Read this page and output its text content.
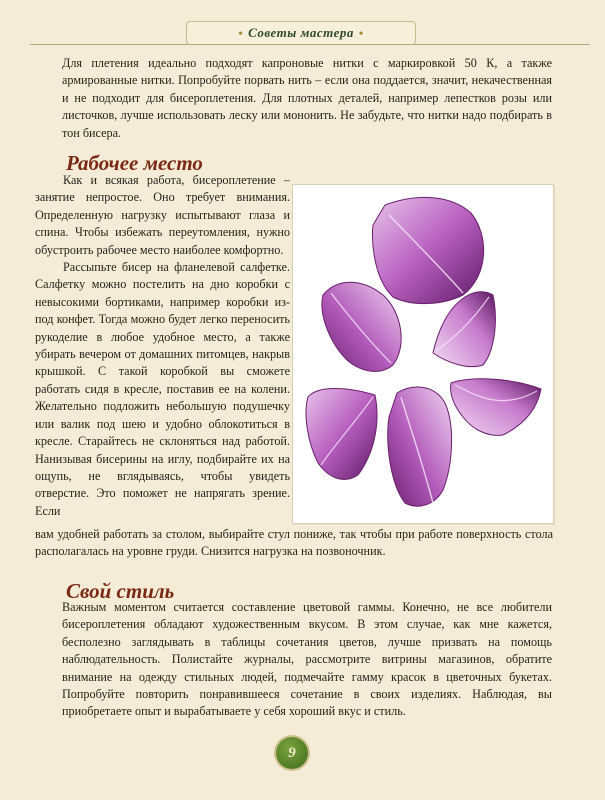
• Советы мастера •
Для плетения идеально подходят капроновые нитки с маркировкой 50 К, а также армированные нитки. Попробуйте порвать нить – если она поддается, значит, некачественная и не подходит для бисероплетения. Для плотных деталей, например лепестков розы или листочков, лучше использовать леску или мононить. Не забудьте, что нитки надо подбирать в тон бисера.
Рабочее место

Как и всякая работа, бисероплетение – занятие непростое. Оно требует внимания. Определенную нагрузку испытывают глаза и спина. Чтобы избежать переутомления, нужно обустроить рабочее место наиболее комфортно.

Рассыпьте бисер на фланелевой салфетке. Салфетку можно постелить на дно коробки с невысокими бортиками, например коробки из-под конфет. Тогда можно будет легко переносить рукоделие в любое удобное место, а также убирать вечером от домашних питомцев, накрыв крышкой. С такой коробкой вы сможете работать сидя в кресле, поставив ее на колени. Желательно подложить небольшую подушечку или валик под шею и удобно облокотиться в кресле. Старайтесь не склоняться над работой. Нанизывая бисерины на иглу, подбирайте их на ощупь, не вглядываясь, чтобы увидеть отверстие. Это поможет не напрягать зрение. Если

вам удобней работать за столом, выбирайте стул пониже, так чтобы при работе поверхность стола располагалась на уровне груди. Снизится нагрузка на позвоночник.

Свой стиль

Важным моментом считается составление цветовой гаммы. Конечно, не все любители бисероплетения обладают художественным вкусом. В этом случае, как мне кажется, бесполезно заглядывать в таблицы сочетания цветов, лучше призвать на помощь наблюдательность. Полистайте журналы, рассмотрите витрины магазинов, обратите внимание на одежду стильных людей, подмечайте гамму красок в цветочных букетах. Попробуйте повторить понравившееся сочетание в своих изделиях. Наблюдая, вы приобретаете опыт и вырабатываете у себя хороший вкус и стиль.

9
